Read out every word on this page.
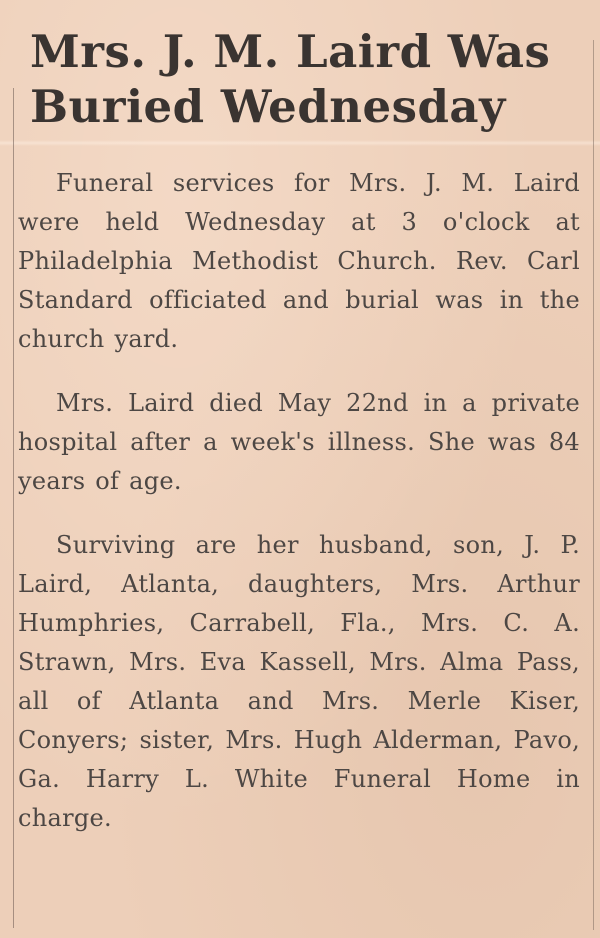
Mrs. J. M. Laird Was Buried Wednesday

Funeral services for Mrs. J. M. Laird were held Wednesday at 3 o'clock at Philadelphia Methodist Church. Rev. Carl Standard officiated and burial was in the church yard.

Mrs. Laird died May 22nd in a private hospital after a week's illness. She was 84 years of age.

Surviving are her husband, son, J. P. Laird, Atlanta, daughters, Mrs. Arthur Humphries, Carrabell, Fla., Mrs. C. A. Strawn, Mrs. Eva Kassell, Mrs. Alma Pass, all of Atlanta and Mrs. Merle Kiser, Conyers; sister, Mrs. Hugh Alderman, Pavo, Ga. Harry L. White Funeral Home in charge.
